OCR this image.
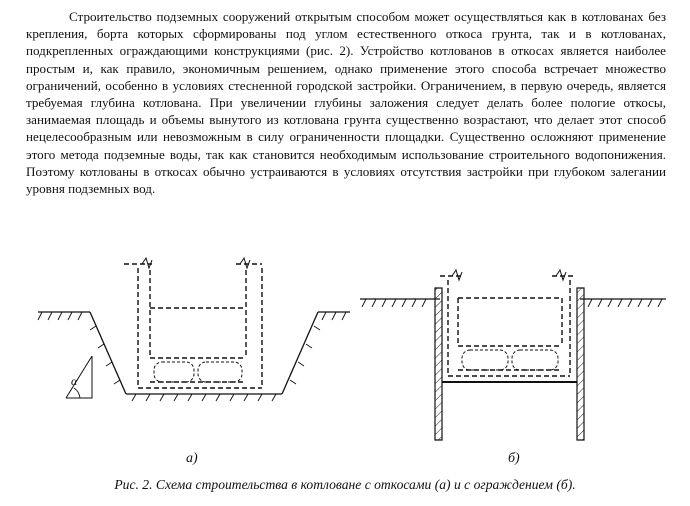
Строительство подземных сооружений открытым способом может осуществляться как в котлованах без крепления, борта которых сформированы под углом естественного откоса грунта, так и в котлованах, подкрепленных ограждающими конструкциями (рис. 2). Устройство котлованов в откосах является наиболее простым и, как правило, экономичным решением, однако применение этого способа встречает множество ограничений, особенно в условиях стесненной городской застройки. Ограничением, в первую очередь, является требуемая глубина котлована. При увеличении глубины заложения следует делать более пологие откосы, занимаемая площадь и объемы вынутого из котлована грунта существенно возрастают, что делает этот способ нецелесообразным или невозможным в силу ограниченности площадки. Существенно осложняют применение этого метода подземные воды, так как становится необходимым использование строительного водопонижения. Поэтому котлованы в откосах обычно устраиваются в условиях отсутствия застройки при глубоком залегании уровня подземных вод.

α
а)	б)
Рис. 2. Схема строительства в котловане с откосами (а) и с ограждением (б).
